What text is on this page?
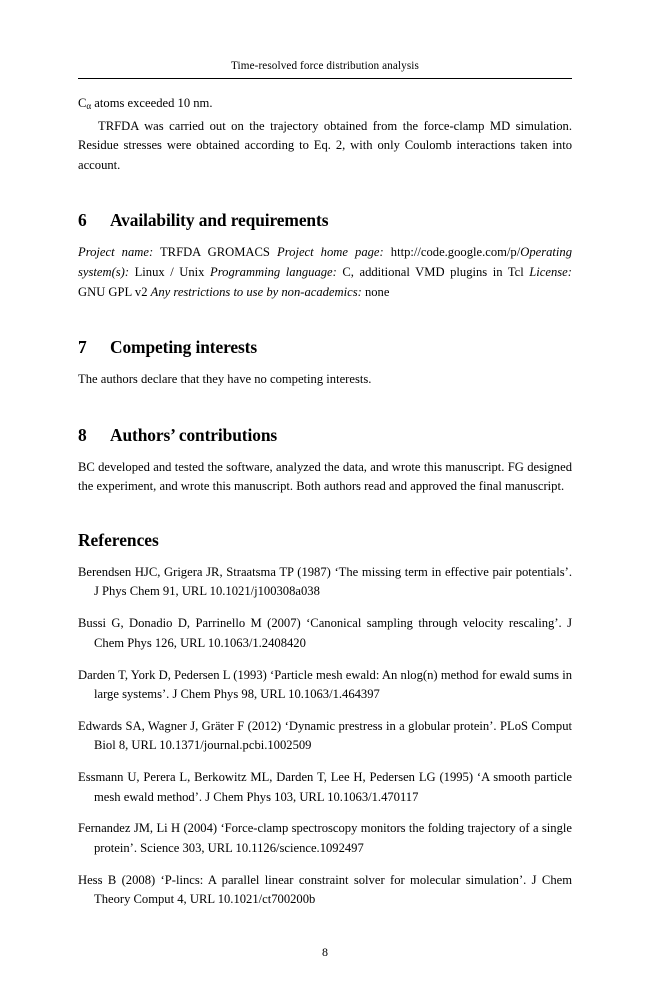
Time-resolved force distribution analysis

$C_\alpha$ atoms exceeded 10 nm.

TRFDA was carried out on the trajectory obtained from the force-clamp MD simulation. Residue stresses were obtained according to Eq. 2, with only Coulomb interactions taken into account.

6 Availability and requirements

Project name: TRFDA GROMACS Project home page: http://code.google.com/p/Operating system(s): Linux / Unix Programming language: C, additional VMD plugins in Tcl License: GNU GPL v2 Any restrictions to use by non-academics: none

7 Competing interests

The authors declare that they have no competing interests.

8 Authors’ contributions

BC developed and tested the software, analyzed the data, and wrote this manuscript. FG designed the experiment, and wrote this manuscript. Both authors read and approved the final manuscript.

References

Berendsen HJC, Grigera JR, Straatsma TP (1987) ‘The missing term in effective pair potentials’. J Phys Chem 91, URL 10.1021/j100308a038

Bussi G, Donadio D, Parrinello M (2007) ‘Canonical sampling through velocity rescaling’. J Chem Phys 126, URL 10.1063/1.2408420

Darden T, York D, Pedersen L (1993) ‘Particle mesh ewald: An nlog(n) method for ewald sums in large systems’. J Chem Phys 98, URL 10.1063/1.464397

Edwards SA, Wagner J, Gräter F (2012) ‘Dynamic prestress in a globular protein’. PLoS Comput Biol 8, URL 10.1371/journal.pcbi.1002509

Essmann U, Perera L, Berkowitz ML, Darden T, Lee H, Pedersen LG (1995) ‘A smooth particle mesh ewald method’. J Chem Phys 103, URL 10.1063/1.470117

Fernandez JM, Li H (2004) ‘Force-clamp spectroscopy monitors the folding trajectory of a single protein’. Science 303, URL 10.1126/science.1092497

Hess B (2008) ‘P-lincs: A parallel linear constraint solver for molecular simulation’. J Chem Theory Comput 4, URL 10.1021/ct700200b

8
